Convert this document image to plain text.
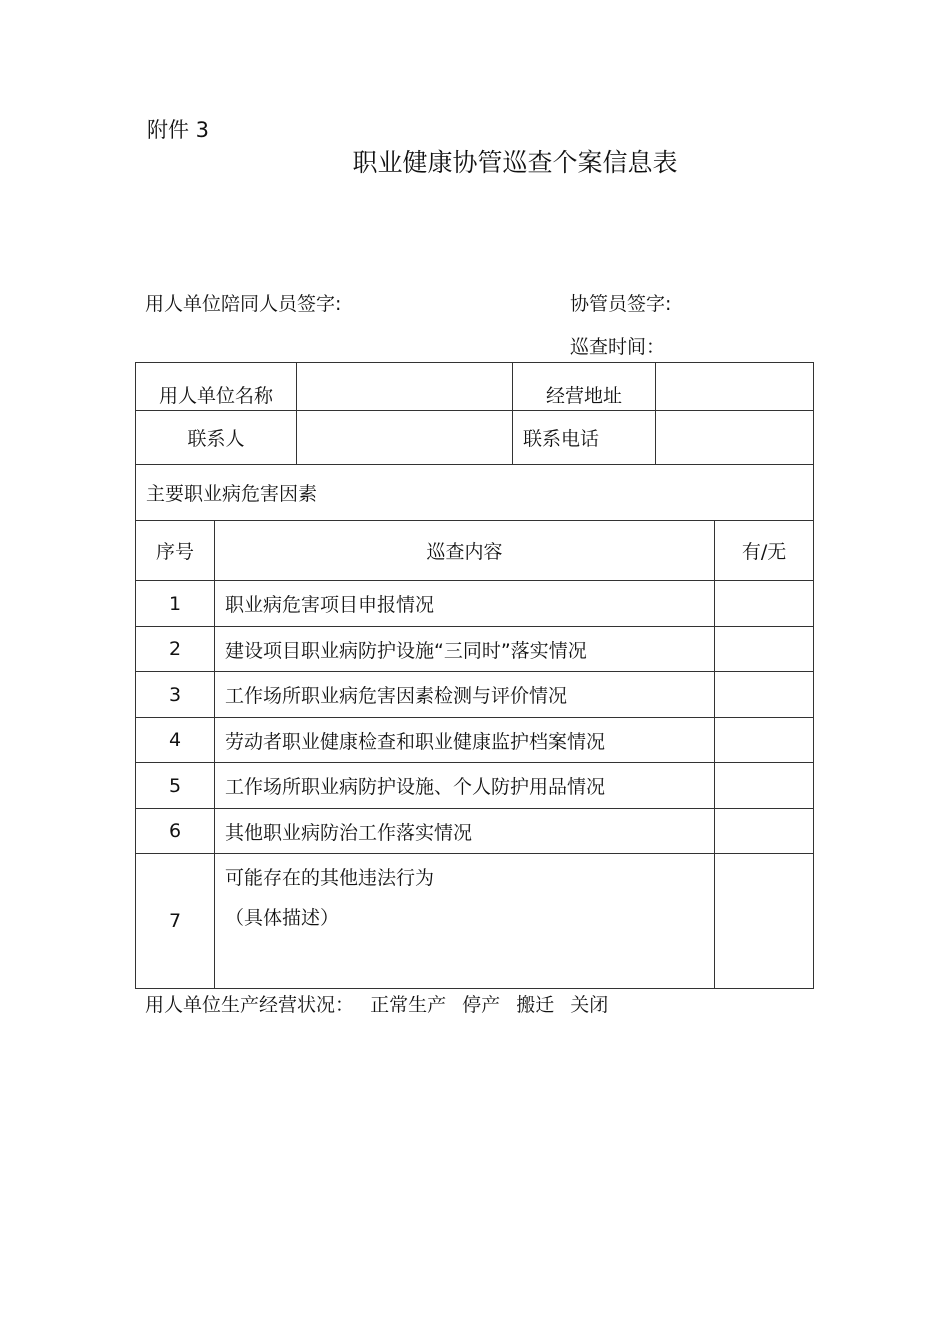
附件 3
职业健康协管巡查个案信息表
用人单位陪同人员签字:	协管员签字:
巡查时间：
用人单位名称			经营地址		
联系人			联系电话		
主要职业病危害因素					
序号	巡查内容				有/无
1	职业病危害项目申报情况				
2	建设项目职业病防护设施“三同时”落实情况				
3	工作场所职业病危害因素检测与评价情况				
4	劳动者职业健康检查和职业健康监护档案情况				
5	工作场所职业病防护设施、个人防护用品情况				
6	其他职业病防治工作落实情况				
7	可能存在的其他违法行为
（具体描述）				

用人单位生产经营状况： 正常生产 停产 搬迁 关闭
